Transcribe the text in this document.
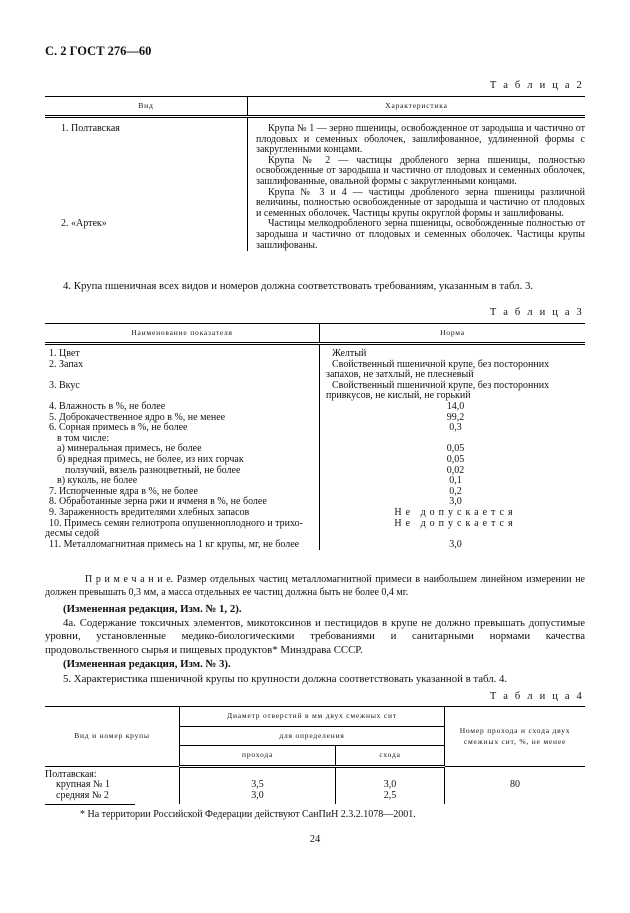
С. 2 ГОСТ 276—60
Т а б л и ц а 2
Вид	Характеристика
1. Полтавская	Крупа № 1 — зерно пшеницы, освобожденное от зародыша и частично от плодовых и семенных оболочек, зашлифованное, удлиненной формы с закругленными концами.
Крупа № 2 — частицы дробленого зерна пшеницы, полностью освобожденные от зародыша и частично от плодовых и семенных оболочек, зашлифованные, овальной формы с закругленными концами.
Крупа № 3 и 4 — частицы дробленого зерна пшеницы различной величины, полностью освобожденные от зародыша и частично от плодовых и семенных оболочек. Частицы крупы округлой формы и зашлифованы.

2. «Артек»	Частицы мелкодробленого зерна пшеницы, освобожденные полностью от зародыша и частично от плодовых и семенных оболочек. Частицы крупы зашлифованы.
4. Крупа пшеничная всех видов и номеров должна соответствовать требованиям, указанным в табл. 3.
Т а б л и ц а 3
Наименование показателя	Норма
1. Цвет	Желтый
2. Запах	Свойственный пшеничной крупе, без посторонних запахов, не затхлый, не плесневый
3. Вкус	Свойственный пшеничной крупе, без посторонних привкусов, не кислый, не горький
4. Влажность в %, не более	14,0
5. Доброкачественное ядро в %, не менее	99,2
6. Сорная примесь в %, не более	0,3
в том числе:	
а) минеральная примесь, не более	0,05
б) вредная примесь, не более, из них горчак	0,05
ползучий, вязель разноцветный, не более	0,02
в) куколь, не более	0,1
7. Испорченные ядра в %, не более	0,2
8. Обработанные зерна ржи и ячменя в %, не более	3,0
9. Зараженность вредителями хлебных запасов	Не допускается
10. Примесь семян гелиотропа опушенноплодного и триходесмы седой	Не допускается
11. Металломагнитная примесь на 1 кг крупы, мг, не более	3,0
П р и м е ч а н и е. Размер отдельных частиц металломагнитной примеси в наибольшем линейном измерении не должен превышать 0,3 мм, а масса отдельных ее частиц должна быть не более 0,4 мг.
(Измененная редакция, Изм. № 1, 2).
4а. Содержание токсичных элементов, микотоксинов и пестицидов в крупе не должно превышать допустимые уровни, установленные медико-биологическими требованиями и санитарными нормами качества продовольственного сырья и пищевых продуктов* Минздрава СССР.
(Измененная редакция, Изм. № 3).
5. Характеристика пшеничной крупы по крупности должна соответствовать указанной в табл. 4.
Т а б л и ц а 4
Вид и номер крупы	Диаметр отверстий в мм двух смежных сит		Номер прохода и схода двух смежных сит, %, не менее
	для определения		
	прохода	схода	
Полтавская:			
крупная № 1	3,5	3,0	80
средняя № 2	3,0	2,5	
* На территории Российской Федерации действуют СанПиН 2.3.2.1078—2001.
24
